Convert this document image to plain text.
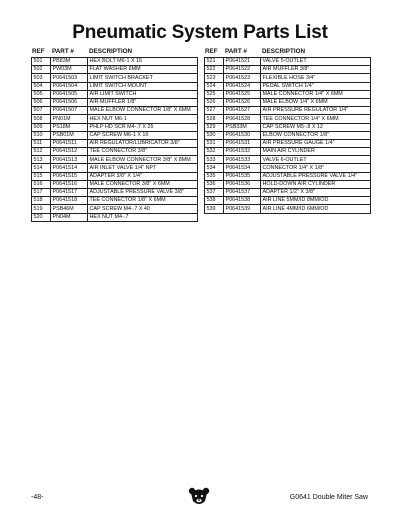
Pneumatic System Parts List
REF	PART #	DESCRIPTION
501	PB83M	HEX BOLT M6-1 X 16
502	PW03M	FLAT WASHER 6MM
503	P0641503	LIMIT SWITCH BRACKET
504	P0641504	LIMIT SWITCH MOUNT
505	P0641505	AIR LIMIT SWITCH
506	P0641506	AIR MUFFLER 1/8"
507	P0641507	MALE ELBOW CONNECTOR 1/8" X 6MM
508	PN01M	HEX NUT M6-1
509	PS18M	PHLP HD SCR M4-.7 X 25
510	PSB01M	CAP SCREW M6-1 X 16
511	P0641511	AIR REGULATOR/LUBRICATOR 3/8"
512	P0641512	TEE CONNECTOR 3/8"
513	P0641513	MALE ELBOW CONNECTOR 3/8" X 8MM
514	P0641514	AIR INLET VALVE 1/4" NPT
515	P0641515	ADAPTER 3/8" X 1/4"
516	P0641516	MALE CONNECTOR 3/8" X 6MM
517	P0641517	ADJUSTABLE PRESSURE VALVE 3/8"
518	P0641518	TEE CONNECTOR 1/8" X 6MM
519	PSB46M	CAP SCREW M4-.7 X 40
520	PN04M	HEX NUT M4-.7
REF	PART #	DESCRIPTION
521	P0641521	VALVE 5-OUTLET
522	P0641522	AIR MUFFLER 3/8"
523	P0641523	FLEXIBLE HOSE 3/4"
524	P0641524	PEDAL SWITCH 1/4"
525	P0641525	MALE CONNECTOR 1/4" X 6MM
526	P0641526	MALE ELBOW 1/4" X 6MM
527	P0641527	AIR PRESSURE REGULATOR 1/4"
528	P0641528	TEE CONNECTOR 1/4" X 6MM
529	PSB33M	CAP SCREW M5-.8 X 12
530	P0641530	ELBOW CONNECTOR 1/8"
531	P0641531	AIR PRESSURE GAUGE 1/4"
532	P0641532	MAIN AIR CYLINDER
533	P0641533	VALVE 6-OUTLET
534	P0641534	CONNECTOR 1/4" X 1/8"
535	P0641535	ADJUSTABLE PRESSURE VALVE 1/4"
536	P0641536	HOLD-DOWN AIR CYLINDER
537	P0641537	ADAPTER 1/2" X 3/8"
538	P0641538	AIR LINE 5MM/ID 8MM/OD
539	P0641539	AIR LINE 4MM/ID 6MM/OD
-48-	G0641 Double Miter Saw
